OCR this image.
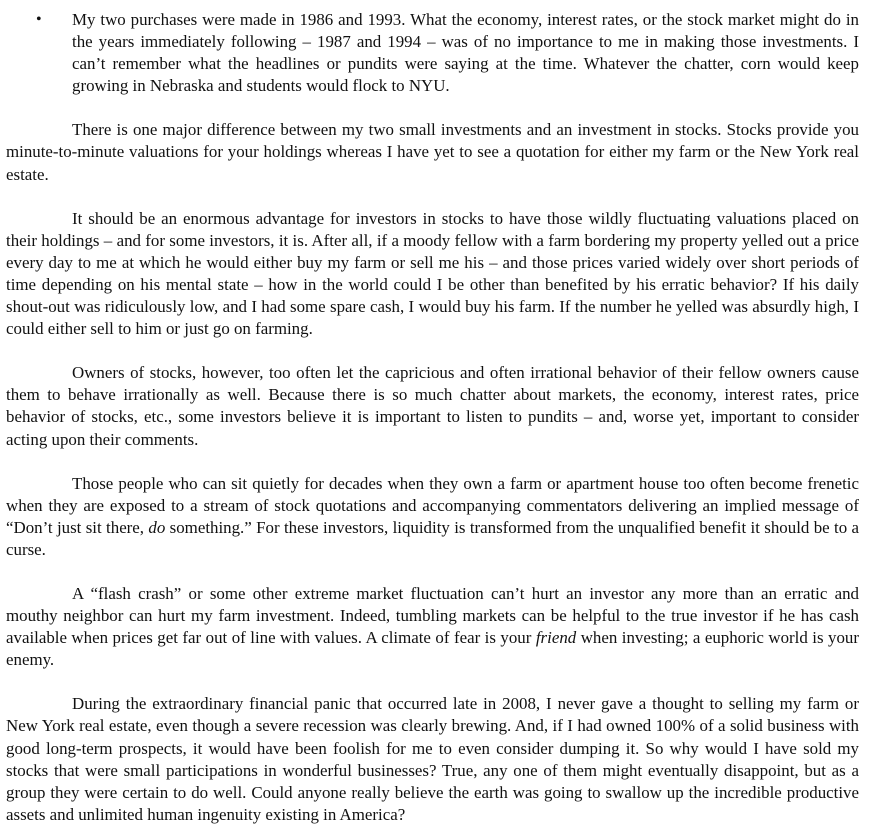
• My two purchases were made in 1986 and 1993. What the economy, interest rates, or the stock market might do in the years immediately following – 1987 and 1994 – was of no importance to me in making those investments. I can’t remember what the headlines or pundits were saying at the time. Whatever the chatter, corn would keep growing in Nebraska and students would flock to NYU.

There is one major difference between my two small investments and an investment in stocks. Stocks provide you minute-to-minute valuations for your holdings whereas I have yet to see a quotation for either my farm or the New York real estate.

It should be an enormous advantage for investors in stocks to have those wildly fluctuating valuations placed on their holdings – and for some investors, it is. After all, if a moody fellow with a farm bordering my property yelled out a price every day to me at which he would either buy my farm or sell me his – and those prices varied widely over short periods of time depending on his mental state – how in the world could I be other than benefited by his erratic behavior? If his daily shout-out was ridiculously low, and I had some spare cash, I would buy his farm. If the number he yelled was absurdly high, I could either sell to him or just go on farming.

Owners of stocks, however, too often let the capricious and often irrational behavior of their fellow owners cause them to behave irrationally as well. Because there is so much chatter about markets, the economy, interest rates, price behavior of stocks, etc., some investors believe it is important to listen to pundits – and, worse yet, important to consider acting upon their comments.

Those people who can sit quietly for decades when they own a farm or apartment house too often become frenetic when they are exposed to a stream of stock quotations and accompanying commentators delivering an implied message of “Don’t just sit there, do something.” For these investors, liquidity is transformed from the unqualified benefit it should be to a curse.

A “flash crash” or some other extreme market fluctuation can’t hurt an investor any more than an erratic and mouthy neighbor can hurt my farm investment. Indeed, tumbling markets can be helpful to the true investor if he has cash available when prices get far out of line with values. A climate of fear is your friend when investing; a euphoric world is your enemy.

During the extraordinary financial panic that occurred late in 2008, I never gave a thought to selling my farm or New York real estate, even though a severe recession was clearly brewing. And, if I had owned 100% of a solid business with good long-term prospects, it would have been foolish for me to even consider dumping it. So why would I have sold my stocks that were small participations in wonderful businesses? True, any one of them might eventually disappoint, but as a group they were certain to do well. Could anyone really believe the earth was going to swallow up the incredible productive assets and unlimited human ingenuity existing in America?
